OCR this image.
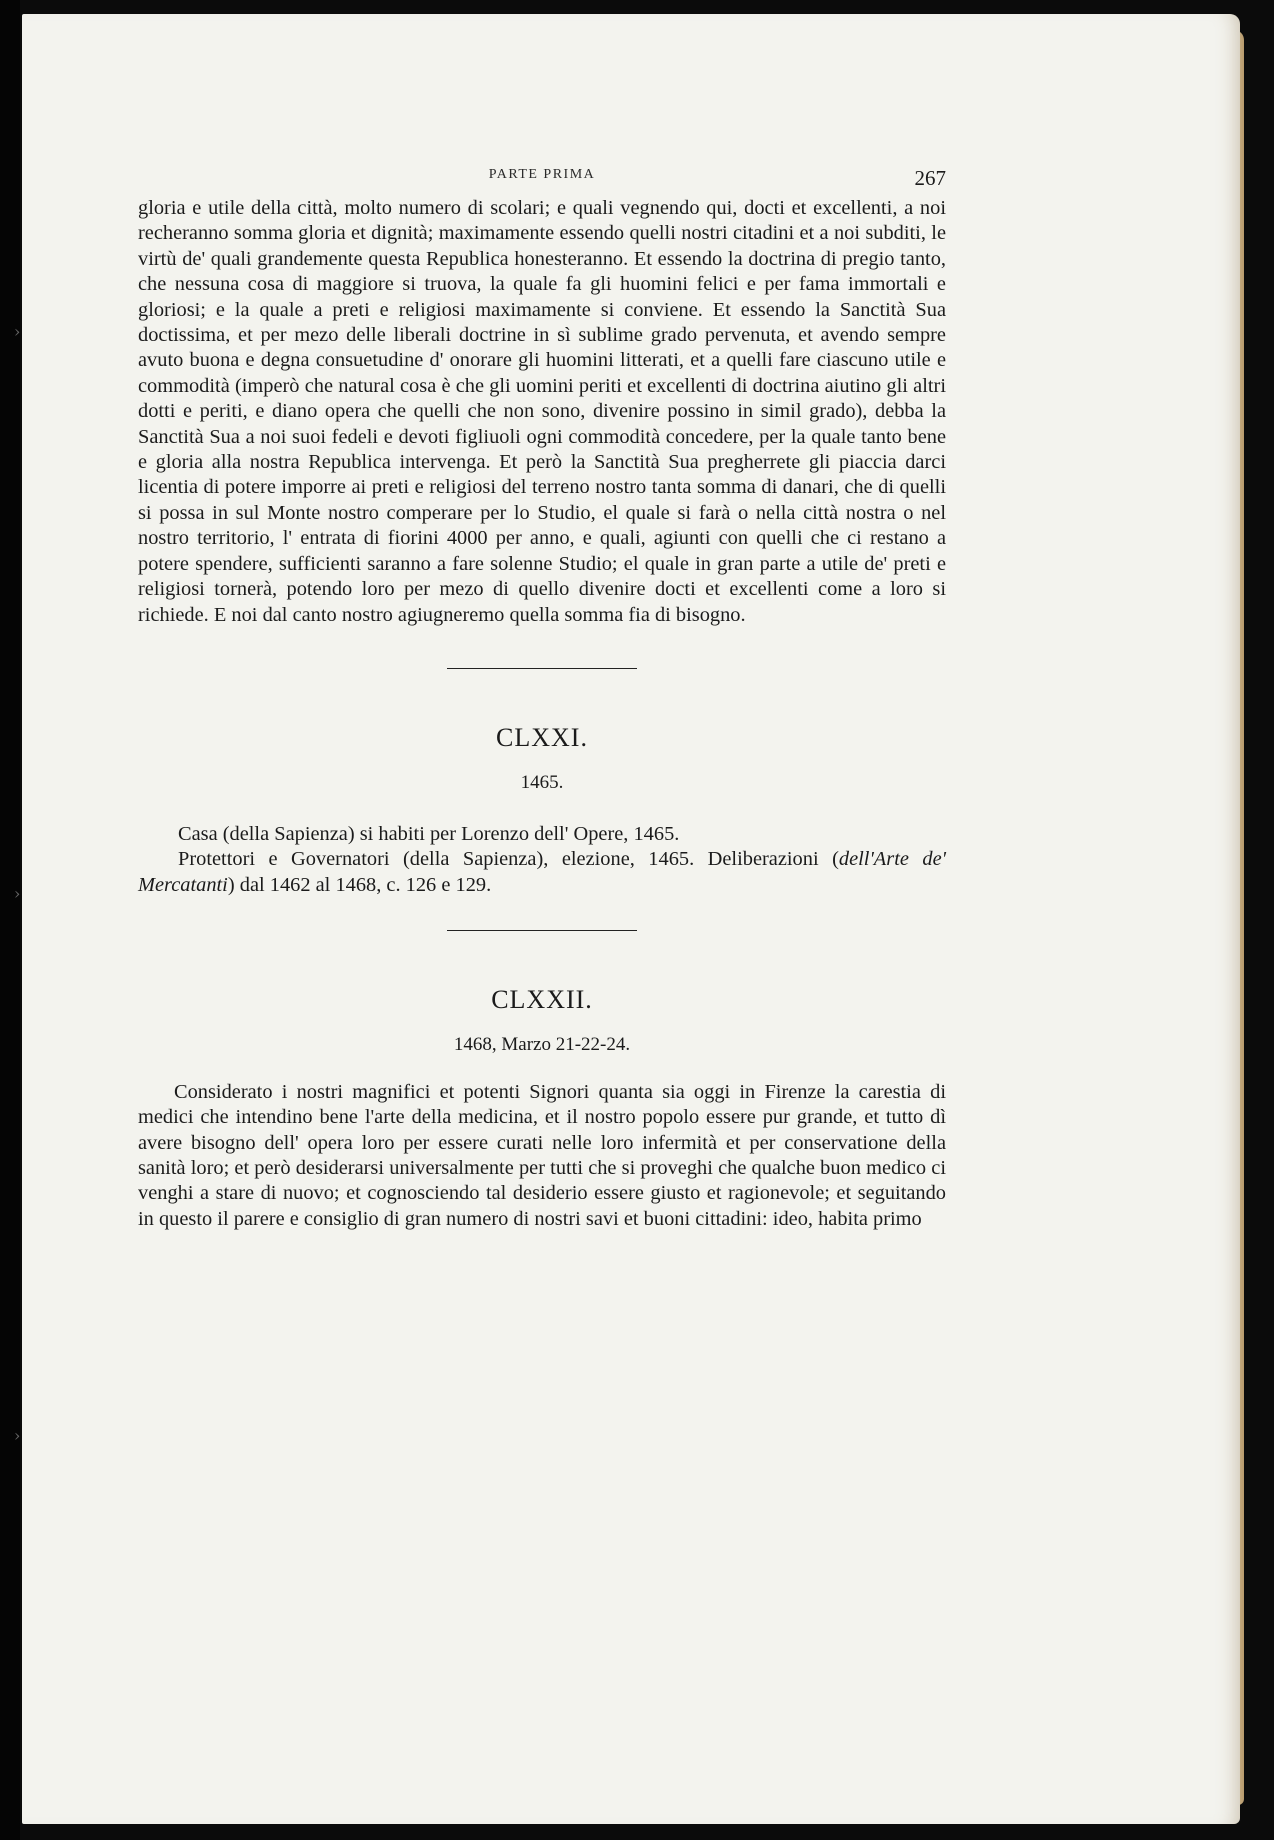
›
›
›
PARTE PRIMA	267

gloria e utile della città, molto numero di scolari; e quali vegnendo qui, docti et excellenti, a noi recheranno somma gloria et dignità; maximamente essendo quelli nostri citadini et a noi subditi, le virtù de' quali grandemente questa Republica honesteranno. Et essendo la doctrina di pregio tanto, che nessuna cosa di maggiore si truova, la quale fa gli huomini felici e per fama immortali e gloriosi; e la quale a preti e religiosi maximamente si conviene. Et essendo la Sanctità Sua doctissima, et per mezo delle liberali doctrine in sì sublime grado pervenuta, et avendo sempre avuto buona e degna consuetudine d' onorare gli huomini litterati, et a quelli fare ciascuno utile e commodità (imperò che natural cosa è che gli uomini periti et excellenti di doctrina aiutino gli altri dotti e periti, e diano opera che quelli che non sono, divenire possino in simil grado), debba la Sanctità Sua a noi suoi fedeli e devoti figliuoli ogni commodità concedere, per la quale tanto bene e gloria alla nostra Republica intervenga. Et però la Sanctità Sua pregherrete gli piaccia darci licentia di potere imporre ai preti e religiosi del terreno nostro tanta somma di danari, che di quelli si possa in sul Monte nostro comperare per lo Studio, el quale si farà o nella città nostra o nel nostro territorio, l' entrata di fiorini 4000 per anno, e quali, agiunti con quelli che ci restano a potere spendere, sufficienti saranno a fare solenne Studio; el quale in gran parte a utile de' preti e religiosi tornerà, potendo loro per mezo di quello divenire docti et excellenti come a loro si richiede. E noi dal canto nostro agiugneremo quella somma fia di bisogno.

CLXXI.
1465.

Casa (della Sapienza) si habiti per Lorenzo dell' Opere, 1465.

Protettori e Governatori (della Sapienza), elezione, 1465. Deliberazioni (dell'Arte de' Mercatanti) dal 1462 al 1468, c. 126 e 129.

CLXXII.
1468, Marzo 21-22-24.

Considerato i nostri magnifici et potenti Signori quanta sia oggi in Firenze la carestia di medici che intendino bene l'arte della medicina, et il nostro popolo essere pur grande, et tutto dì avere bisogno dell' opera loro per essere curati nelle loro infermità et per conservatione della sanità loro; et però desiderarsi universalmente per tutti che si proveghi che qualche buon medico ci venghi a stare di nuovo; et cognosciendo tal desiderio essere giusto et ragionevole; et seguitando in questo il parere e consiglio di gran numero di nostri savi et buoni cittadini: ideo, habita primo
